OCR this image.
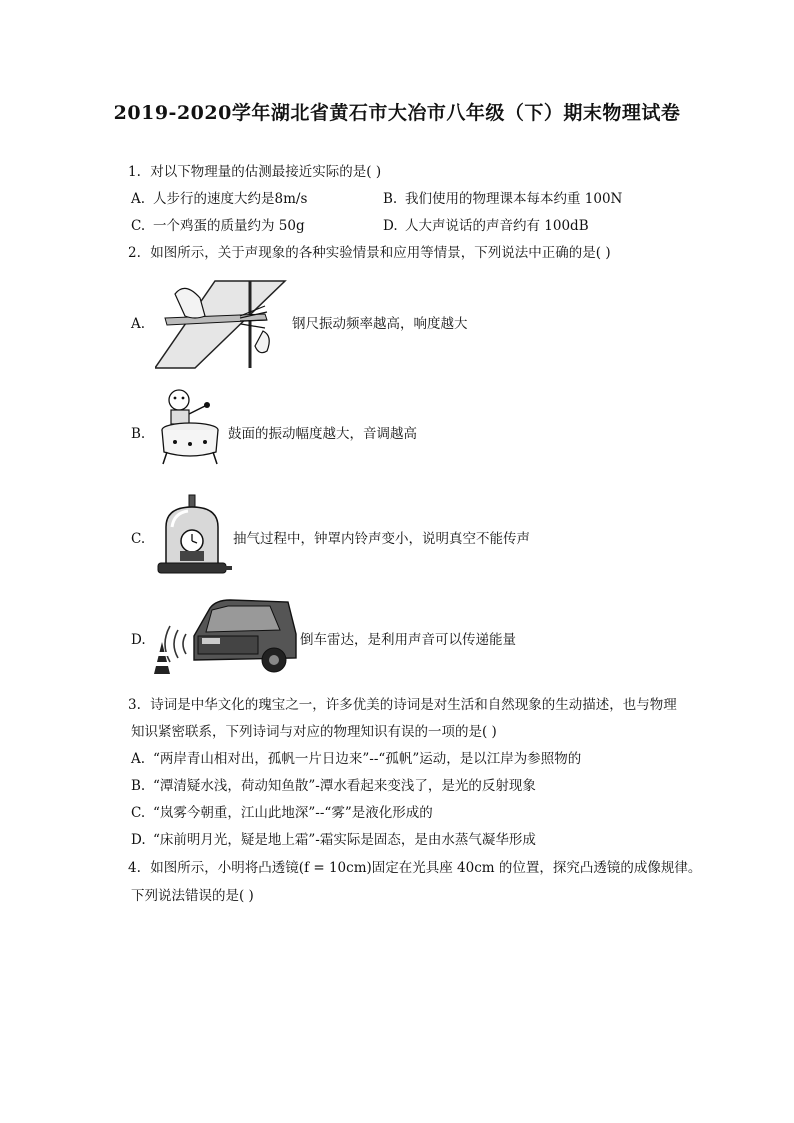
2019-2020学年湖北省黄石市大冶市八年级（下）期末物理试卷
1. 对以下物理量的估测最接近实际的是( )
A. 人步行的速度大约是8m/s	B. 我们使用的物理课本每本约重 100N
C. 一个鸡蛋的质量约为 50g	D. 人大声说话的声音约有 100dB
2. 如图所示，关于声现象的各种实验情景和应用等情景，下列说法中正确的是( )
A.	钢尺振动频率越高，响度越大
B.	鼓面的振动幅度越大，音调越高
C.	抽气过程中，钟罩内铃声变小，说明真空不能传声
D.	倒车雷达，是利用声音可以传递能量
3. 诗词是中华文化的瑰宝之一，许多优美的诗词是对生活和自然现象的生动描述，也与物理
知识紧密联系，下列诗词与对应的物理知识有误的一项的是( )
A. “两岸青山相对出，孤帆一片日边来”--“孤帆”运动，是以江岸为参照物的
B. “潭清疑水浅，荷动知鱼散”-潭水看起来变浅了，是光的反射现象
C. “岚雾今朝重，江山此地深”--“雾”是液化形成的
D. “床前明月光，疑是地上霜”-霜实际是固态，是由水蒸气凝华形成
4. 如图所示，小明将凸透镜(f = 10cm)固定在光具座 40cm 的位置，探究凸透镜的成像规律。
下列说法错误的是( )
